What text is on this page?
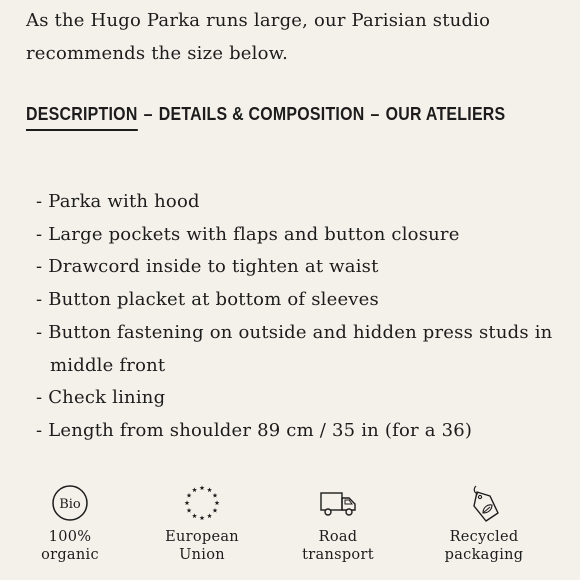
As the Hugo Parka runs large, our Parisian studio recommends the size below.
DESCRIPTION – DETAILS & COMPOSITION – OUR ATELIERS
- Parka with hood
- Large pockets with flaps and button closure
- Drawcord inside to tighten at waist
- Button placket at bottom of sleeves
- Button fastening on outside and hidden press studs in middle front
- Check lining
- Length from shoulder 89 cm / 35 in (for a 36)
Bio
100%
organic
European
Union
Road
transport
Recycled
packaging
